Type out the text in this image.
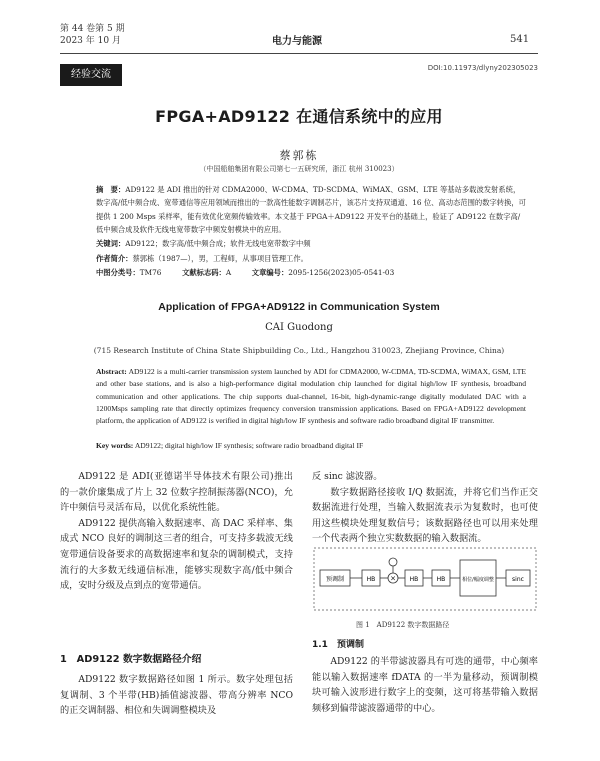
第 44 卷第 5 期
2023 年 10 月	电力与能源	541
经验交流
DOI:10.11973/dlyny202305023
FPGA+AD9122 在通信系统中的应用
蔡郭栋
（中国船舶集团有限公司第七一五研究所，浙江 杭州 310023）
摘　要：AD9122 是 ADI 推出的针对 CDMA2000、W-CDMA、TD-SCDMA、WiMAX、GSM、LTE 等基站多载波发射系统，数字高/低中频合成、宽带通信等应用领域而推出的一款高性能数字调制芯片，该芯片支持双通道、16 位、高动态范围的数字转换，可提供 1 200 Msps 采样率，能有效优化宽频传输效率。本文基于 FPGA＋AD9122 开发平台的基础上，验证了 AD9122 在数字高/低中频合成及软件无线电宽带数字中频发射模块中的应用。
关键词：AD9122；数字高/低中频合成；软件无线电宽带数字中频
作者简介：蔡郭栋（1987—），男，工程师，从事项目管理工作。
中图分类号：TM76	文献标志码：A	文章编号：2095-1256(2023)05-0541-03
Application of FPGA+AD9122 in Communication System
CAI Guodong
(715 Research Institute of China State Shipbuilding Co., Ltd., Hangzhou 310023, Zhejiang Province, China)
Abstract: AD9122 is a multi-carrier transmission system launched by ADI for CDMA2000, W-CDMA, TD-SCDMA, WiMAX, GSM, LTE and other base stations, and is also a high-performance digital modulation chip launched for digital high/low IF synthesis, broadband communication and other applications. The chip supports dual-channel, 16-bit, high-dynamic-range digitally modulated DAC with a 1200Msps sampling rate that directly optimizes frequency conversion transmission applications. Based on FPGA+AD9122 development platform, the application of AD9122 is verified in digital high/low IF synthesis and software radio broadband digital IF transmitter.
Key words: AD9122; digital high/low IF synthesis; software radio broadband digital IF

AD9122 是 ADI(亚德诺半导体技术有限公司)推出的一款价廉集成了片上 32 位数字控制振荡器(NCO)，允许中频信号灵活布局，以优化系统性能。

AD9122 提供高输入数据速率、高 DAC 采样率、集成式 NCO 良好的调制这三者的组合，可支持多载波无线宽带通信设备要求的高数据速率和复杂的调制模式，支持流行的大多数无线通信标准，能够实现数字高/低中频合成，安时分级及点到点的宽带通信。

1　AD9122 数字数据路径介绍

AD9122 数字数据路径如图 1 所示。数字处理包括复调制、3 个半带(HB)插值滤波器、带高分辨率 NCO 的正交调制器、相位和失调调整模块及

反 sinc 滤波器。

数字数据路径接收 I/Q 数据流，并将它们当作正交数据流进行处理，当输入数据流表示为复数时，也可使用这些模块处理复数信号；该数据路径也可以用来处理一个代表两个独立实数数据的输入数据流。

预调制	HB × HB	HB	相位/幅度调整	sinc
图 1　AD9122 数字数据路径
1.1　预调制

AD9122 的半带滤波器具有可选的通带，中心频率能以输入数据速率 fDATA 的一半为量移动，预调制模块可输入波形进行数字上的变频，这可将基带输入数据频移到偏带滤波器通带的中心。
